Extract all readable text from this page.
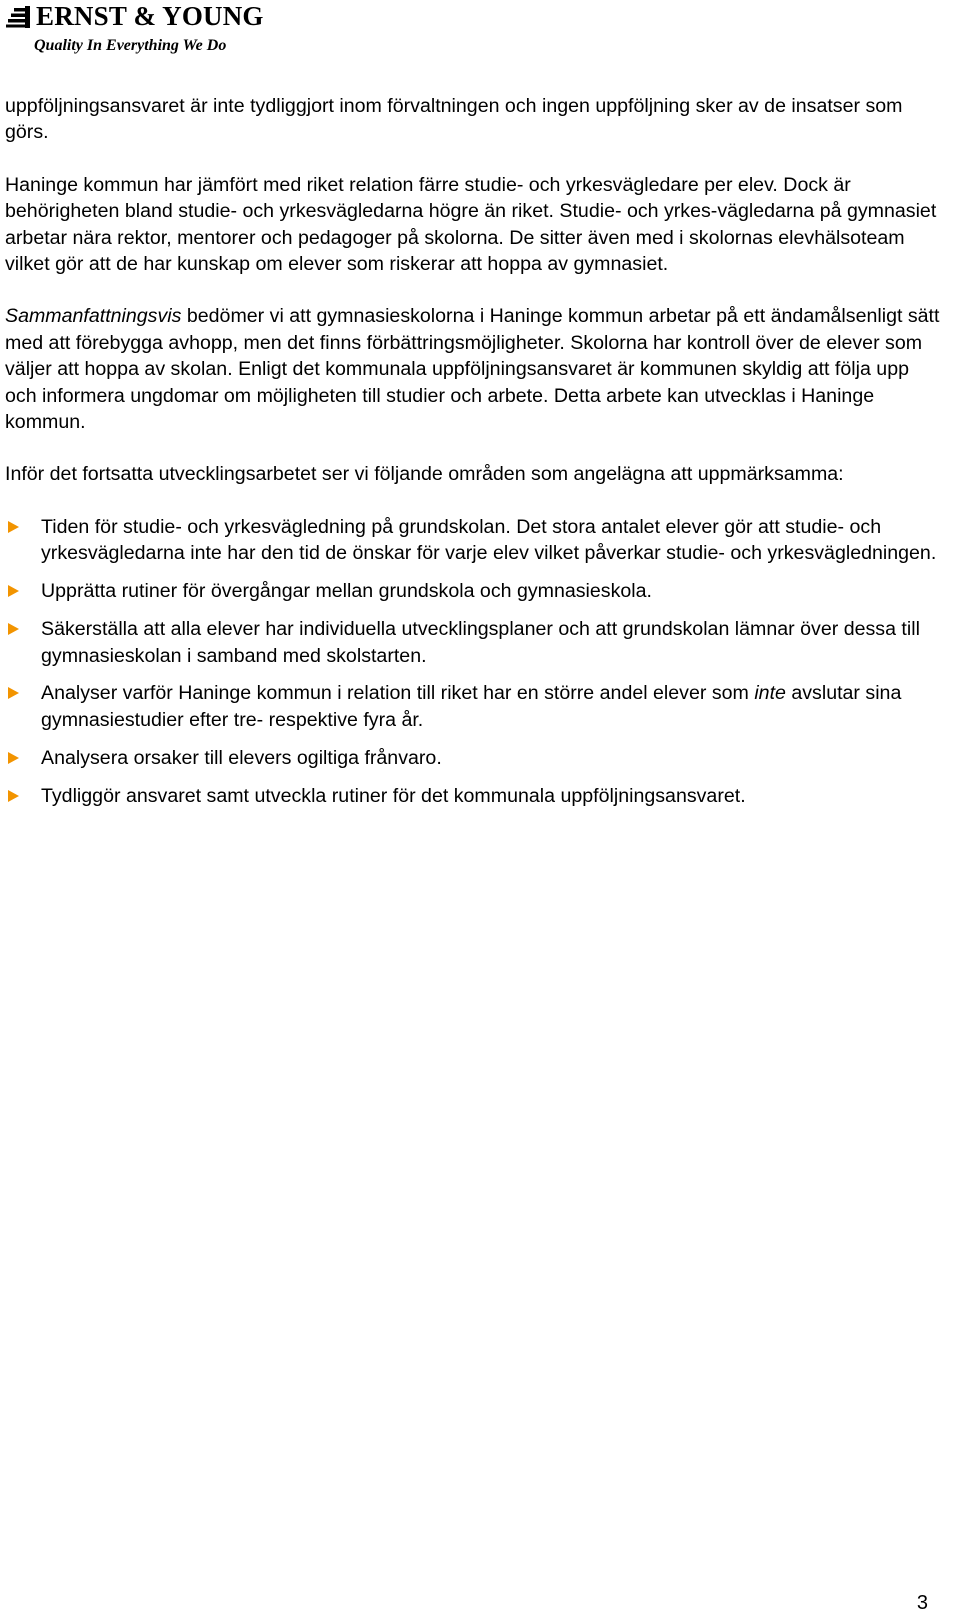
ERNST & YOUNG
Quality In Everything We Do

uppföljningsansvaret är inte tydliggjort inom förvaltningen och ingen uppföljning sker av de insatser som görs.

Haninge kommun har jämfört med riket relation färre studie- och yrkesvägledare per elev. Dock är behörigheten bland studie- och yrkesvägledarna högre än riket. Studie- och yrkes-vägledarna på gymnasiet arbetar nära rektor, mentorer och pedagoger på skolorna. De sitter även med i skolornas elevhälsoteam vilket gör att de har kunskap om elever som riskerar att hoppa av gymnasiet.

Sammanfattningsvis bedömer vi att gymnasieskolorna i Haninge kommun arbetar på ett ändamålsenligt sätt med att förebygga avhopp, men det finns förbättringsmöjligheter. Skolorna har kontroll över de elever som väljer att hoppa av skolan. Enligt det kommunala uppföljningsansvaret är kommunen skyldig att följa upp och informera ungdomar om möjligheten till studier och arbete. Detta arbete kan utvecklas i Haninge kommun.

Inför det fortsatta utvecklingsarbetet ser vi följande områden som angelägna att uppmärksamma:

Tiden för studie- och yrkesvägledning på grundskolan. Det stora antalet elever gör att studie- och yrkesvägledarna inte har den tid de önskar för varje elev vilket påverkar studie- och yrkesvägledningen.
Upprätta rutiner för övergångar mellan grundskola och gymnasieskola.
Säkerställa att alla elever har individuella utvecklingsplaner och att grundskolan lämnar över dessa till gymnasieskolan i samband med skolstarten.
Analyser varför Haninge kommun i relation till riket har en större andel elever som inte avslutar sina gymnasiestudier efter tre- respektive fyra år.
Analysera orsaker till elevers ogiltiga frånvaro.
Tydliggör ansvaret samt utveckla rutiner för det kommunala uppföljningsansvaret.
3
